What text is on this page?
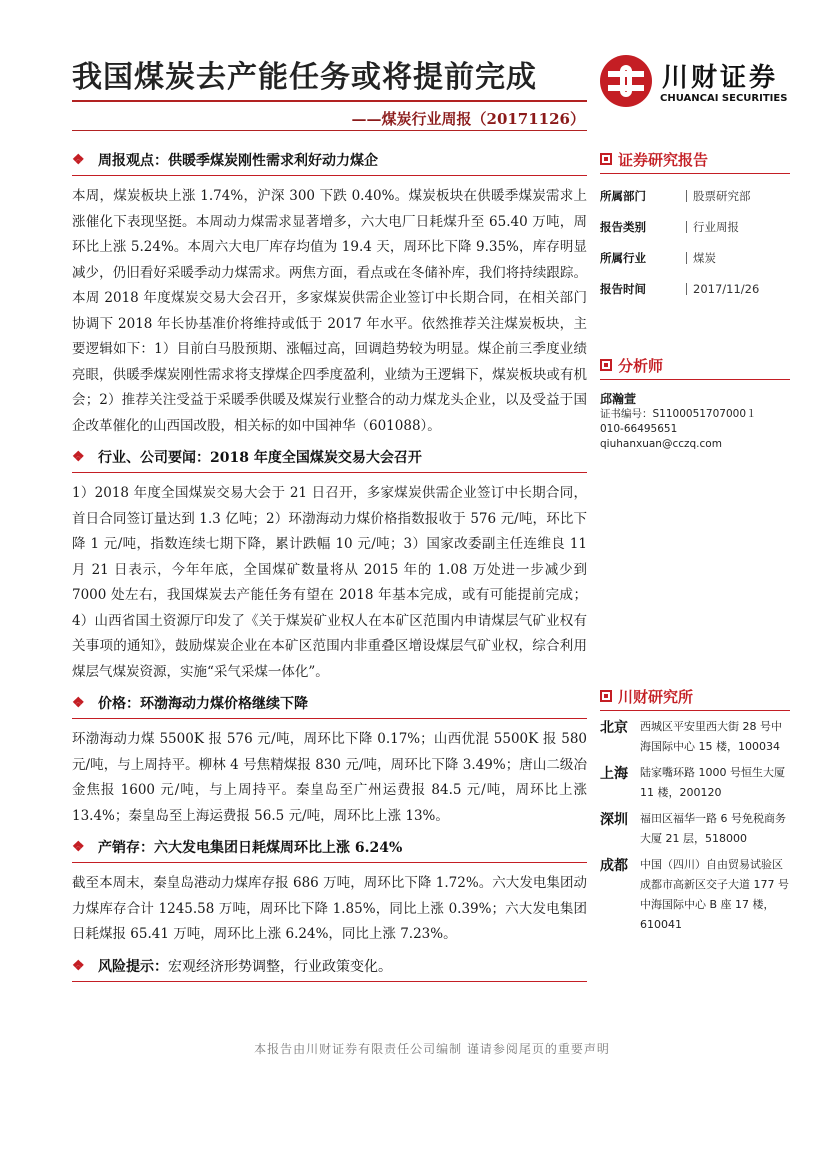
我国煤炭去产能任务或将提前完成
——煤炭行业周报（20171126）
川财证券
CHUANCAI SECURITIES
❖ 周报观点：供暖季煤炭刚性需求利好动力煤企

本周，煤炭板块上涨 1.74%，沪深 300 下跌 0.40%。煤炭板块在供暖季煤炭需求上涨催化下表现坚挺。本周动力煤需求显著增多，六大电厂日耗煤升至 65.40 万吨，周环比上涨 5.24%。本周六大电厂库存均值为 19.4 天，周环比下降 9.35%，库存明显减少，仍旧看好采暖季动力煤需求。两焦方面，看点或在冬储补库，我们将持续跟踪。本周 2018 年度煤炭交易大会召开，多家煤炭供需企业签订中长期合同，在相关部门协调下 2018 年长协基准价将维持或低于 2017 年水平。依然推荐关注煤炭板块，主要逻辑如下：1）目前白马股预期、涨幅过高，回调趋势较为明显。煤企前三季度业绩亮眼，供暖季煤炭刚性需求将支撑煤企四季度盈利，业绩为王逻辑下，煤炭板块或有机会；2）推荐关注受益于采暖季供暖及煤炭行业整合的动力煤龙头企业，以及受益于国企改革催化的山西国改股，相关标的如中国神华（601088）。

❖ 行业、公司要闻：2018 年度全国煤炭交易大会召开

1）2018 年度全国煤炭交易大会于 21 日召开，多家煤炭供需企业签订中长期合同，首日合同签订量达到 1.3 亿吨；2）环渤海动力煤价格指数报收于 576 元/吨，环比下降 1 元/吨，指数连续七期下降，累计跌幅 10 元/吨；3）国家改委副主任连维良 11 月 21 日表示，今年年底，全国煤矿数量将从 2015 年的 1.08 万处进一步减少到 7000 处左右，我国煤炭去产能任务有望在 2018 年基本完成，或有可能提前完成；4）山西省国土资源厅印发了《关于煤炭矿业权人在本矿区范围内申请煤层气矿业权有关事项的通知》，鼓励煤炭企业在本矿区范围内非重叠区增设煤层气矿业权，综合利用煤层气煤炭资源，实施“采气采煤一体化”。

❖ 价格：环渤海动力煤价格继续下降

环渤海动力煤 5500K 报 576 元/吨，周环比下降 0.17%；山西优混 5500K 报 580 元/吨，与上周持平。柳林 4 号焦精煤报 830 元/吨，周环比下降 3.49%；唐山二级冶金焦报 1600 元/吨，与上周持平。秦皇岛至广州运费报 84.5 元/吨，周环比上涨 13.4%；秦皇岛至上海运费报 56.5 元/吨，周环比上涨 13%。

❖ 产销存：六大发电集团日耗煤周环比上涨 6.24%

截至本周末，秦皇岛港动力煤库存报 686 万吨，周环比下降 1.72%。六大发电集团动力煤库存合计 1245.58 万吨，周环比下降 1.85%，同比上涨 0.39%；六大发电集团日耗煤报 65.41 万吨，周环比上涨 6.24%，同比上涨 7.23%。

❖ 风险提示： 宏观经济形势调整，行业政策变化。
证券研究报告
所属部门	股票研究部
报告类别	行业周报
所属行业	煤炭
报告时间	2017/11/26
分析师
邱瀚萱
证书编号：S1100051707000１
010-66495651
qiuhanxuan@cczq.com
川财研究所
北京	西城区平安里西大街 28 号中海国际中心 15 楼，100034
上海	陆家嘴环路 1000 号恒生大厦 11 楼，200120
深圳	福田区福华一路 6 号免税商务大厦 21 层，518000
成都	中国（四川）自由贸易试验区成都市高新区交子大道 177 号中海国际中心 B 座 17 楼，610041
本报告由川财证券有限责任公司编制 谨请参阅尾页的重要声明
